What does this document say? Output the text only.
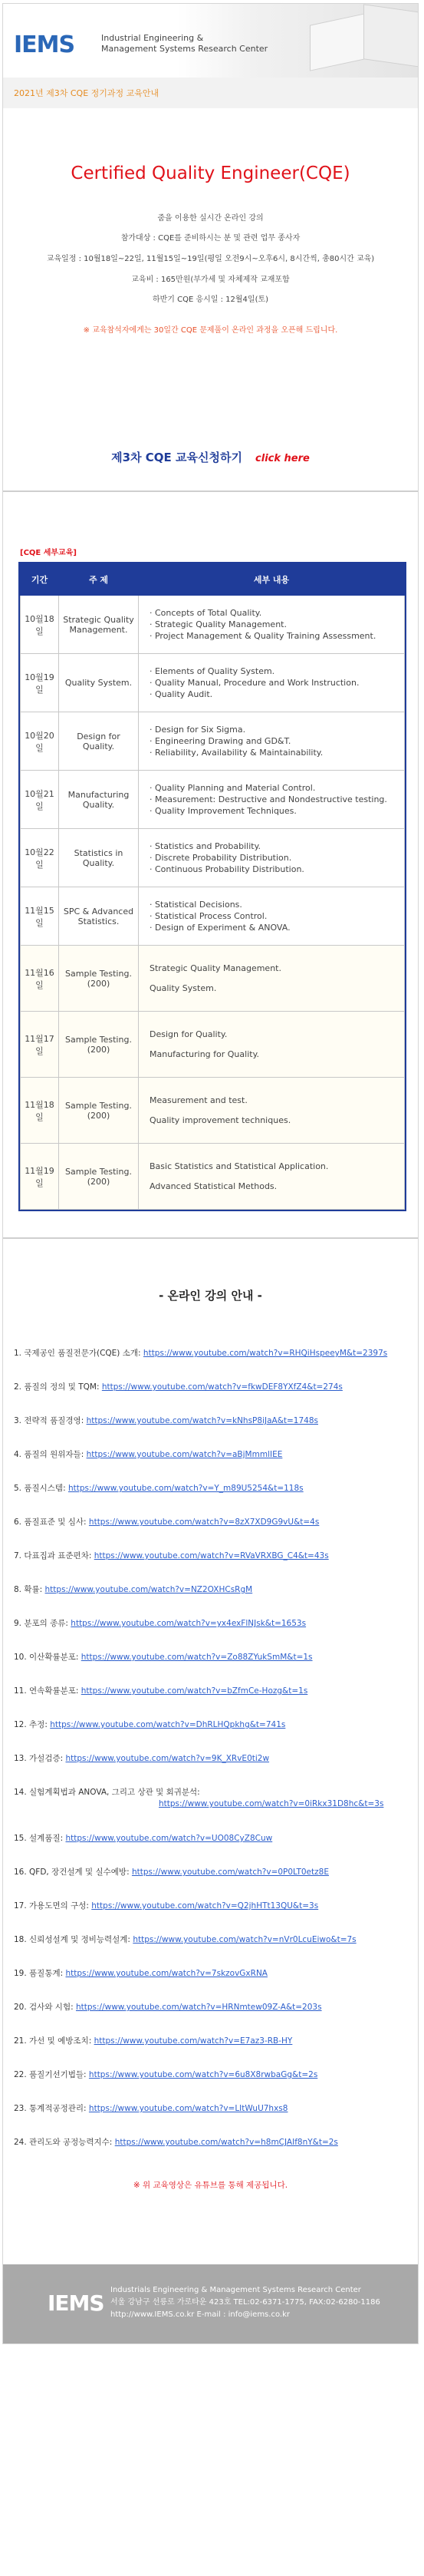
IEMS	Industrial Engineering &
Management Systems Research Center
2021년 제3차 CQE 정기과정 교육안내
Certified Quality Engineer(CQE)
줌을 이용한 실시간 온라인 강의
참가대상 : CQE를 준비하시는 분 및 관련 업무 종사자
교육일정 : 10월18일~22일, 11월15일~19일(평일 오전9시~오후6시, 8시간씩, 총80시간 교육)
교육비 : 165만원(부가세 및 자체제작 교재포함
하반기 CQE 응시일 : 12월4일(토)
※ 교육참석자에게는 30일간 CQE 문제풀이 온라인 과정을 오픈해 드립니다.
제3차 CQE 교육신청하기 click here
[CQE 세부교육]
기간	주 제	세부 내용
10월18일	Strategic Quality Management.	· Concepts of Total Quality.
· Strategic Quality Management.
· Project Management & Quality Training Assessment.

10월19일	Quality System.	· Elements of Quality System.
· Quality Manual, Procedure and Work Instruction.
· Quality Audit.

10월20일	Design for Quality.	· Design for Six Sigma.
· Engineering Drawing and GD&T.
· Reliability, Availability & Maintainability.

10월21일	Manufacturing Quality.	· Quality Planning and Material Control.
· Measurement: Destructive and Nondestructive testing.
· Quality Improvement Techniques.

10월22일	Statistics in Quality.	· Statistics and Probability.
· Discrete Probability Distribution.
· Continuous Probability Distribution.

11월15일	SPC & Advanced Statistics.	· Statistical Decisions.
· Statistical Process Control.
· Design of Experiment & ANOVA.

11월16일	Sample Testing. (200)	Strategic Quality Management.
Quality System.

11월17일	Sample Testing. (200)	Design for Quality.
Manufacturing for Quality.

11월18일	Sample Testing. (200)	Measurement and test.
Quality improvement techniques.

11월19일	Sample Testing. (200)	Basic Statistics and Statistical Application.
Advanced Statistical Methods.
- 온라인 강의 안내 -
1. 국제공인 품질전문가(CQE) 소개: https://www.youtube.com/watch?v=RHQiHspeeyM&t=2397s
2. 품질의 정의 및 TQM: https://www.youtube.com/watch?v=fkwDEF8YXfZ4&t=274s
3. 전략적 품질경영: https://www.youtube.com/watch?v=kNhsP8iJaA&t=1748s
4. 품질의 원위자들: https://www.youtube.com/watch?v=aBjMmmlIEE
5. 품질시스템: https://www.youtube.com/watch?v=Y_m89U5254&t=118s
6. 품질표준 및 심사: https://www.youtube.com/watch?v=8zX7XD9G9vU&t=4s
7. 다표집과 표준편차: https://www.youtube.com/watch?v=RVaVRXBG_C4&t=43s
8. 확률: https://www.youtube.com/watch?v=NZ2OXHCsRgM
9. 분포의 종류: https://www.youtube.com/watch?v=yx4exFlNJsk&t=1653s
10. 이산확률분포: https://www.youtube.com/watch?v=Zo88ZYukSmM&t=1s
11. 연속확률분포: https://www.youtube.com/watch?v=bZfmCe-Hozg&t=1s
12. 추정: https://www.youtube.com/watch?v=DhRLHQpkhg&t=741s
13. 가설검증: https://www.youtube.com/watch?v=9K_XRvE0ti2w
14. 실험계획법과 ANOVA, 그리고 상관 및 회귀분석:
https://www.youtube.com/watch?v=0iRkx31D8hc&t=3s
15. 설계품질: https://www.youtube.com/watch?v=UO08CyZ8Cuw
16. QFD, 장건설계 및 실수예방: https://www.youtube.com/watch?v=0P0LT0etz8E
17. 가용도면의 구성: https://www.youtube.com/watch?v=Q2jhHTt13QU&t=3s
18. 신뢰성설계 및 정비능력설계: https://www.youtube.com/watch?v=nVr0LcuEiwo&t=7s
19. 품질통계: https://www.youtube.com/watch?v=7skzovGxRNA
20. 검사와 시험: https://www.youtube.com/watch?v=HRNmtew09Z-A&t=203s
21. 가선 및 예방조치: https://www.youtube.com/watch?v=E7az3-RB-HY
22. 품질기선기법들: https://www.youtube.com/watch?v=6u8X8rwbaGg&t=2s
23. 통계적공정관리: https://www.youtube.com/watch?v=LItWuU7hxs8
24. 관리도와 공정능력지수: https://www.youtube.com/watch?v=h8mCJAIf8nY&t=2s
※ 위 교육영상은 유튜브를 통해 제공됩니다.
IEMS
Industrials Engineering & Management Systems Research Center
서울 강남구 선릉로 가로타운 423호 TEL:02-6371-1775, FAX:02-6280-1186
http://www.IEMS.co.kr E-mail : info@iems.co.kr
